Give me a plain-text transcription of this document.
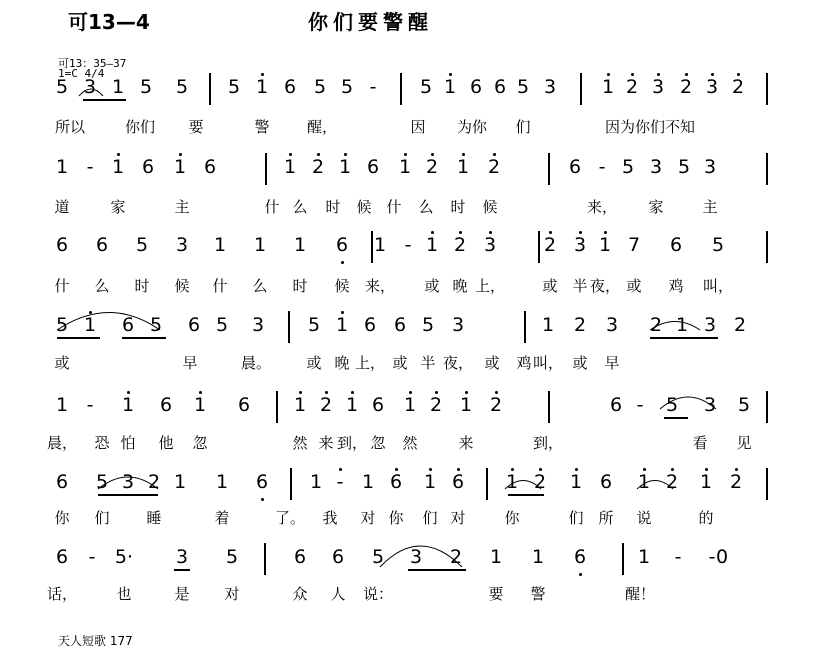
可13—4	你们要警醒
可13：35—37
1=C 4/4
5 3 1 5 5 5 1 6 5 5 - 5 1 6 6 5 3 1 2 3 2 3 2
所以	你们 要	警 醒，	因 为你 们	因为你们不知
1 - 1 6 1 6	1 2 1 6 1 2 1 2	6 - 5 3 5 3
道	家	主	什 么 时 候 什 么 时 候	来， 家	主
6 6 5 3 1 1 1 6 1 - 1 2 3	2 3 1 7 6 5
什 么 时 候 什 么 时 候 来， 或 晚 上， 或 半 夜， 或 鸡 叫，
5 1 6 5 6 5 3 5 1 6 6 5 3	1 2 3 2 1 3 2
或	早	晨。 或 晚 上， 或 半 夜， 或 鸡 叫， 或 早
1 - 1 6 1 6 1 2 1 6 1 2 1 2	6 - 5 3 5
晨， 恐 怕 他 忽	然 来 到， 忽 然	来	到，	看 见
6 5 3 2 1 1 6 1 - 1 6 1 6 1 2 1 6 1 2 1 2
你 们 睡	着	了。 我 对 你 们 对	你	们 所 说	的
6 - 5· 3 5	6 6 5 3 2 1 1 6	1 - - 0
话，	也	是 对	众 人 说：	要 警	醒！
天人短歌 177
